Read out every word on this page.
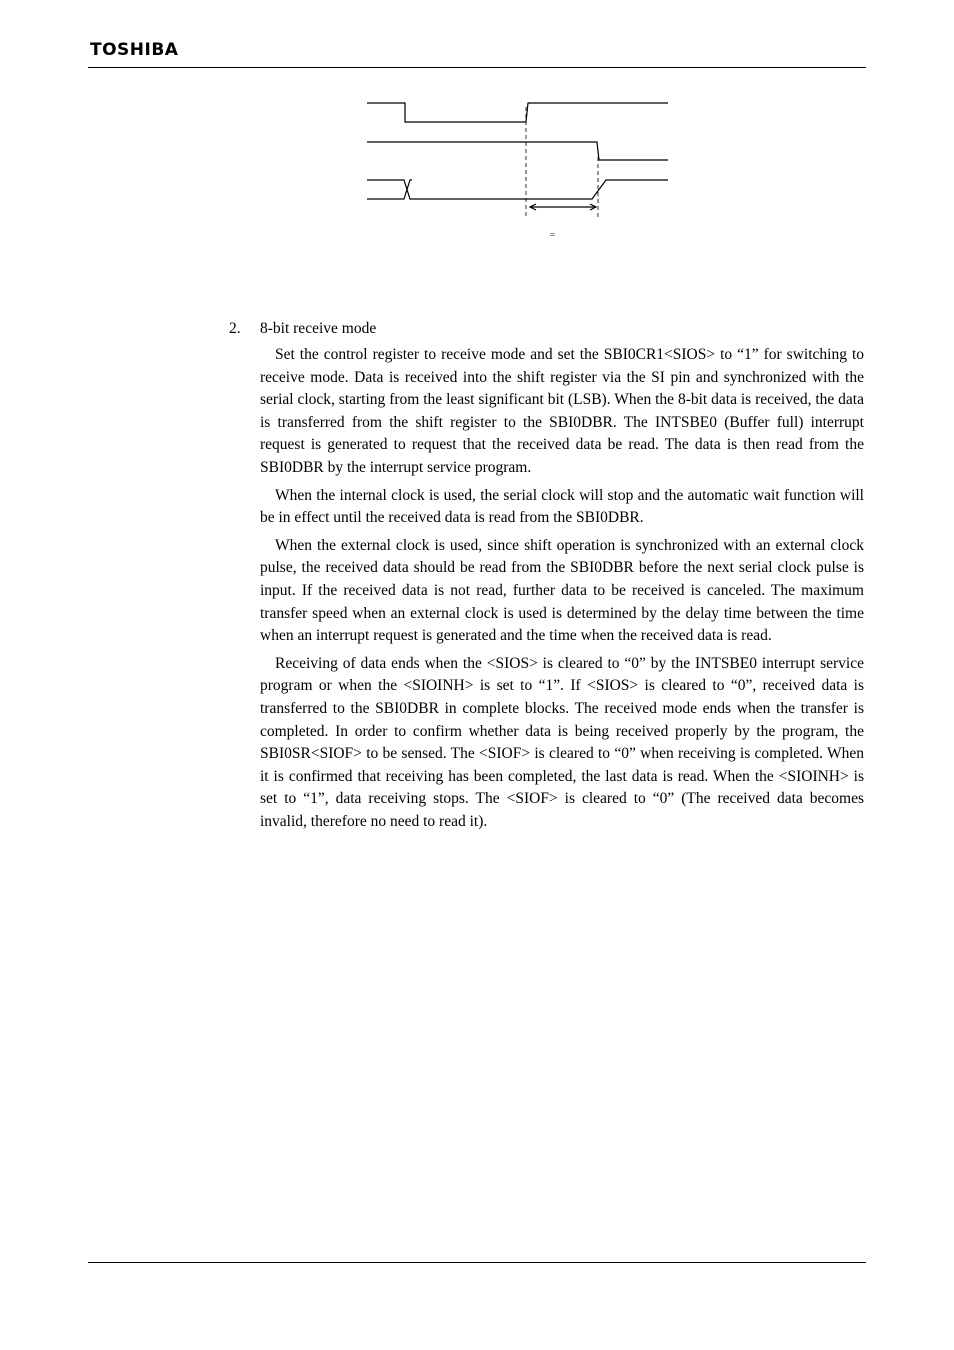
TOSHIBA
=
2. 8-bit receive mode

Set the control register to receive mode and set the SBI0CR1<SIOS> to “1” for switching to receive mode. Data is received into the shift register via the SI pin and synchronized with the serial clock, starting from the least significant bit (LSB). When the 8-bit data is received, the data is transferred from the shift register to the SBI0DBR. The INTSBE0 (Buffer full) interrupt request is generated to request that the received data be read. The data is then read from the SBI0DBR by the interrupt service program.

When the internal clock is used, the serial clock will stop and the automatic wait function will be in effect until the received data is read from the SBI0DBR.

When the external clock is used, since shift operation is synchronized with an external clock pulse, the received data should be read from the SBI0DBR before the next serial clock pulse is input. If the received data is not read, further data to be received is canceled. The maximum transfer speed when an external clock is used is determined by the delay time between the time when an interrupt request is generated and the time when the received data is read.

Receiving of data ends when the <SIOS> is cleared to “0” by the INTSBE0 interrupt service program or when the <SIOINH> is set to “1”. If <SIOS> is cleared to “0”, received data is transferred to the SBI0DBR in complete blocks. The received mode ends when the transfer is completed. In order to confirm whether data is being received properly by the program, the SBI0SR<SIOF> to be sensed. The <SIOF> is cleared to “0” when receiving is completed. When it is confirmed that receiving has been completed, the last data is read. When the <SIOINH> is set to “1”, data receiving stops. The <SIOF> is cleared to “0” (The received data becomes invalid, therefore no need to read it).
